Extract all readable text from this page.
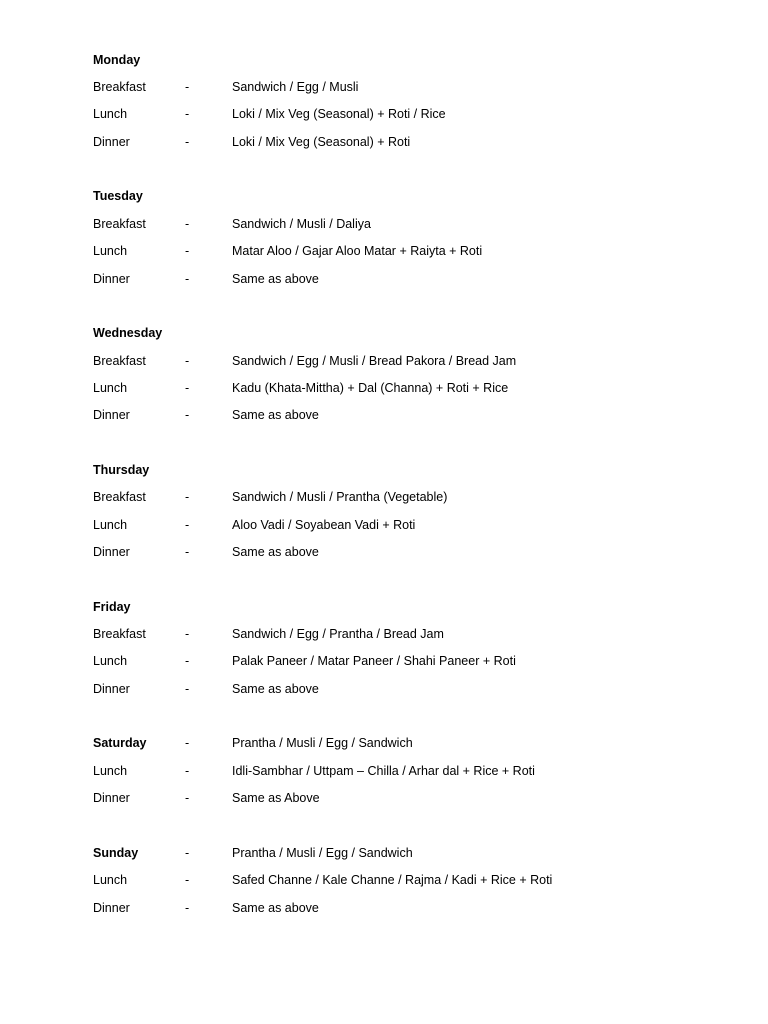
Monday
Breakfast	-	Sandwich / Egg / Musli
Lunch	-	Loki / Mix Veg (Seasonal) + Roti / Rice
Dinner	-	Loki / Mix Veg (Seasonal) + Roti
Tuesday
Breakfast	-	Sandwich / Musli / Daliya
Lunch	-	Matar Aloo / Gajar Aloo Matar + Raiyta + Roti
Dinner	-	Same as above
Wednesday
Breakfast	-	Sandwich / Egg / Musli / Bread Pakora / Bread Jam
Lunch	-	Kadu (Khata-Mittha) + Dal (Channa) + Roti + Rice
Dinner	-	Same as above
Thursday
Breakfast	-	Sandwich / Musli / Prantha (Vegetable)
Lunch	-	Aloo Vadi / Soyabean Vadi + Roti
Dinner	-	Same as above
Friday
Breakfast	-	Sandwich / Egg / Prantha / Bread Jam
Lunch	-	Palak Paneer / Matar Paneer / Shahi Paneer + Roti
Dinner	-	Same as above
Saturday	-	Prantha / Musli / Egg / Sandwich
Lunch	-	Idli-Sambhar / Uttpam – Chilla / Arhar dal + Rice + Roti
Dinner	-	Same as Above
Sunday	-	Prantha / Musli / Egg / Sandwich
Lunch	-	Safed Channe / Kale Channe / Rajma / Kadi + Rice + Roti
Dinner	-	Same as above
